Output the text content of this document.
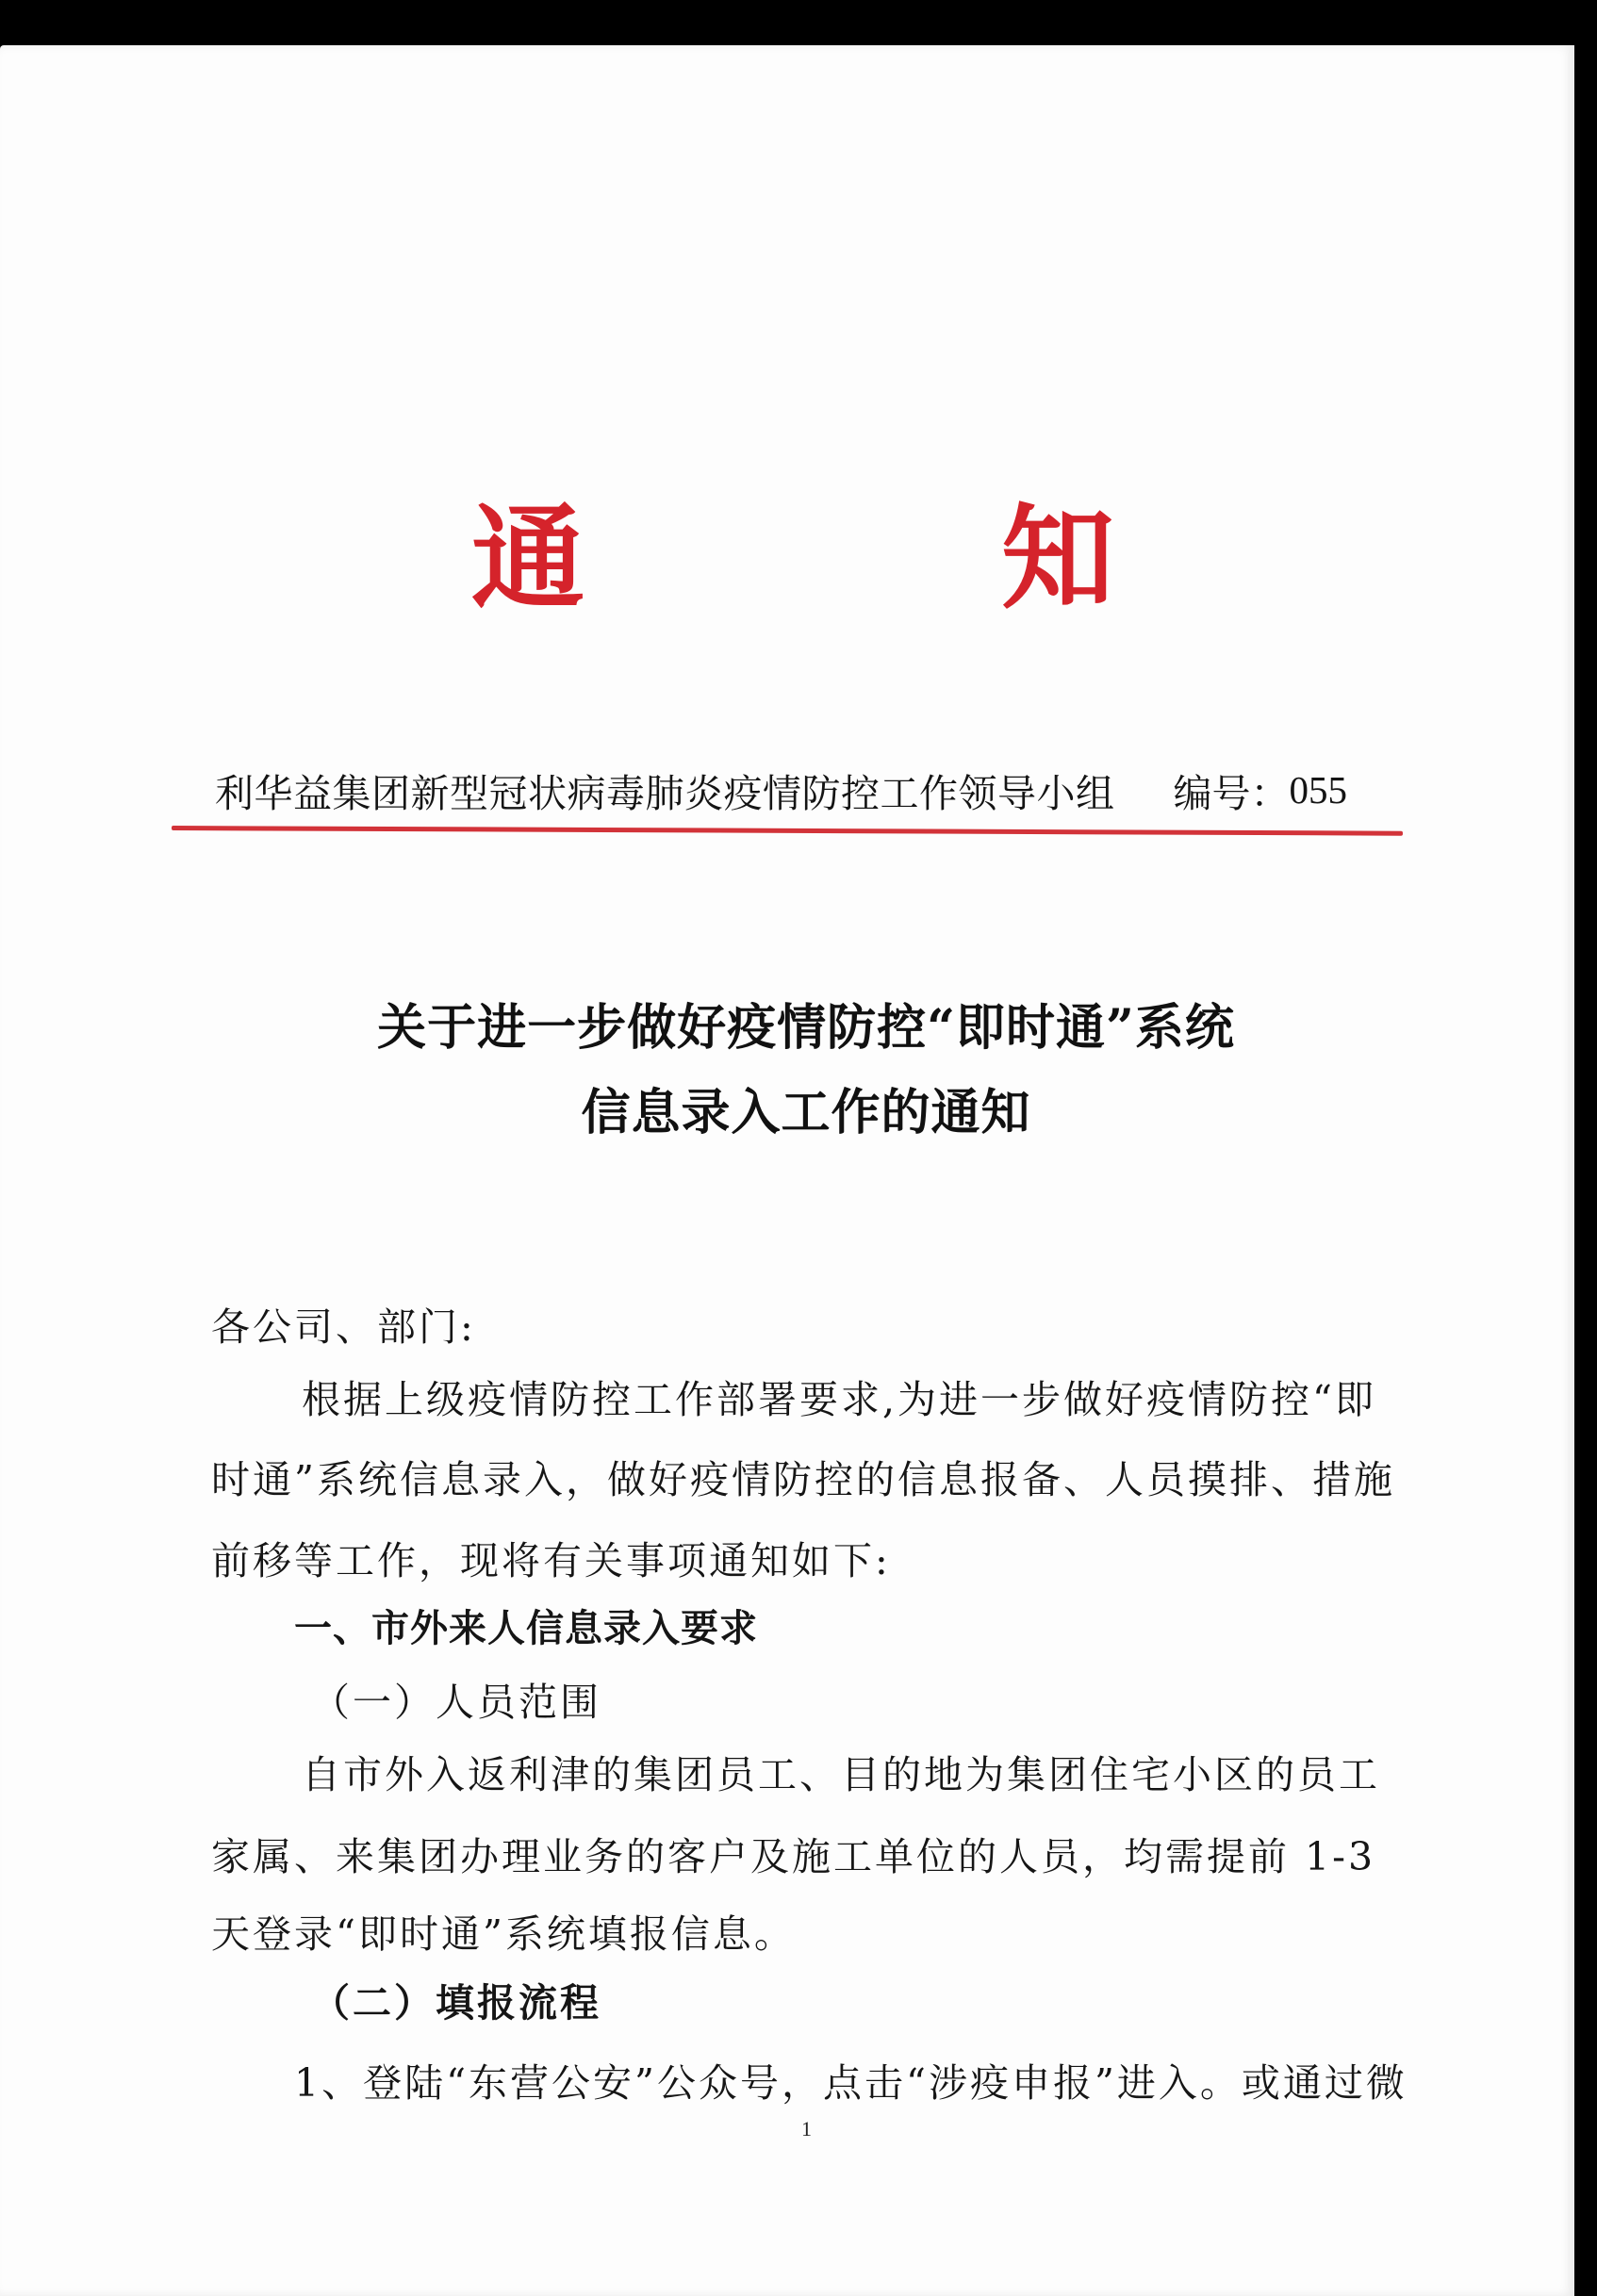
通	知
利华益集团新型冠状病毒肺炎疫情防控工作领导小组 编号： 055
关于进一步做好疫情防控“即时通”系统
信息录入工作的通知
各公司、部门:
根据上级疫情防控工作部署要求,为进一步做好疫情防控“即
时通”系统信息录入，做好疫情防控的信息报备、人员摸排、措施
前移等工作，现将有关事项通知如下:
一、市外来人信息录入要求
（一）人员范围
自市外入返利津的集团员工、目的地为集团住宅小区的员工
家属、来集团办理业务的客户及施工单位的人员，均需提前 1-3
天登录“即时通”系统填报信息。
（二）填报流程
1、登陆“东营公安”公众号，点击“涉疫申报”进入。或通过微
1
